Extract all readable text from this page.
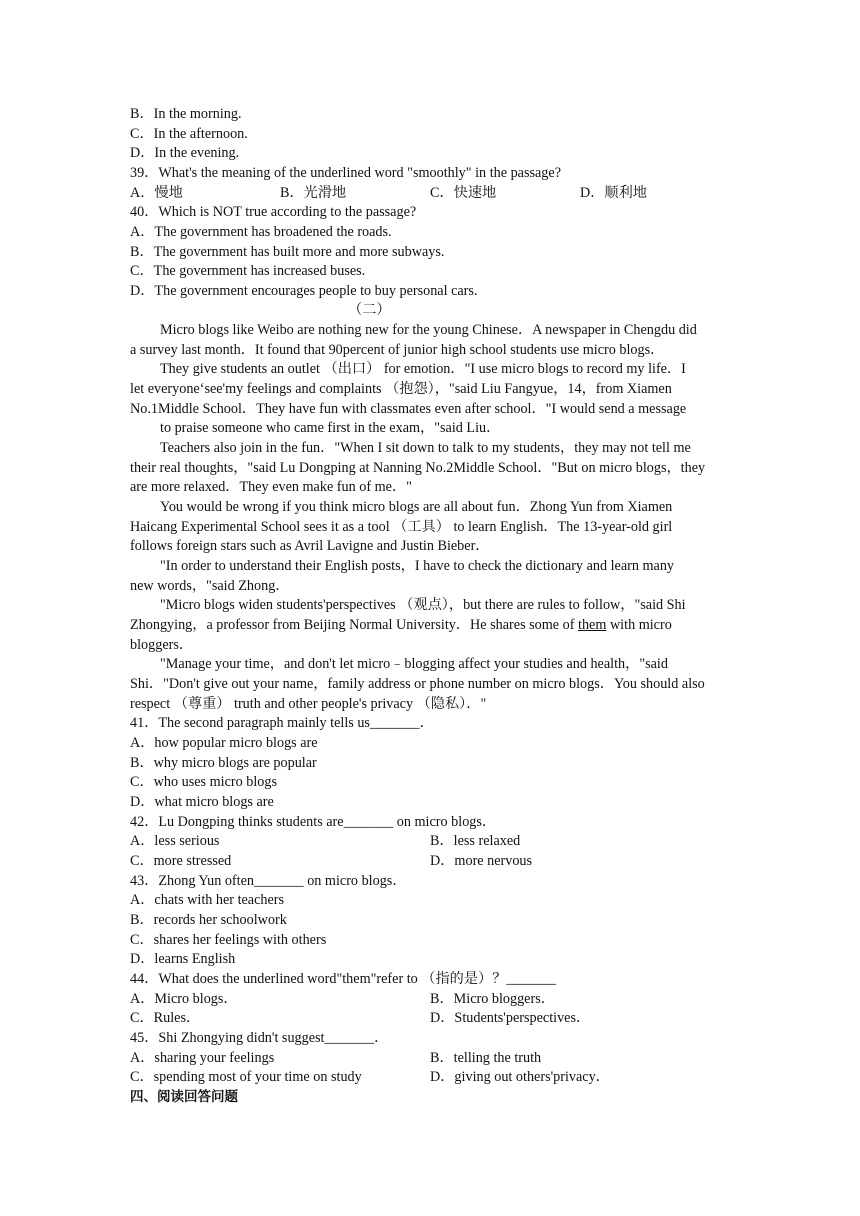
B．In the morning.
C．In the afternoon.
D．In the evening.
39．What's the meaning of the underlined word "smoothly" in the passage?
A．慢地	B．光滑地	C．快速地	D．顺利地
40．Which is NOT true according to the passage?
A．The government has broadened the roads.
B．The government has built more and more subways.
C．The government has increased buses.
D．The government encourages people to buy personal cars.
（二）
Micro blogs like Weibo are nothing new for the young Chinese．A newspaper in Chengdu did
a survey last month．It found that 90percent of junior high school students use micro blogs．
They give students an outlet （出口） for emotion．"I use micro blogs to record my life．I
let everyone‘see'my feelings and complaints （抱怨），"said Liu Fangyue，14，from Xiamen
No.1Middle School．They have fun with classmates even after school．"I would send a message
to praise someone who came first in the exam，"said Liu．
Teachers also join in the fun．"When I sit down to talk to my students，they may not tell me
their real thoughts，"said Lu Dongping at Nanning No.2Middle School．"But on micro blogs，they
are more relaxed．They even make fun of me．"
You would be wrong if you think micro blogs are all about fun．Zhong Yun from Xiamen
Haicang Experimental School sees it as a tool （工具） to learn English．The 13-year-old girl
follows foreign stars such as Avril Lavigne and Justin Bieber．
"In order to understand their English posts，I have to check the dictionary and learn many
new words，"said Zhong．
"Micro blogs widen students'perspectives （观点），but there are rules to follow，"said Shi
Zhongying，a professor from Beijing Normal University．He shares some of them with micro
bloggers．
"Manage your time，and don't let micro﹣blogging affect your studies and health，"said
Shi．"Don't give out your name，family address or phone number on micro blogs．You should also
respect （尊重） truth and other people's privacy （隐私）．"
41．The second paragraph mainly tells us_______．
A．how popular micro blogs are
B．why micro blogs are popular
C．who uses micro blogs
D．what micro blogs are
42．Lu Dongping thinks students are_______ on micro blogs．
A．less serious	B．less relaxed
C．more stressed	D．more nervous
43．Zhong Yun often_______ on micro blogs．
A．chats with her teachers
B．records her schoolwork
C．shares her feelings with others
D．learns English
44．What does the underlined word"them"refer to （指的是）？_______
A．Micro blogs．	B．Micro bloggers．
C．Rules．	D．Students'perspectives．
45．Shi Zhongying didn't suggest_______．
A．sharing your feelings	B．telling the truth
C．spending most of your time on study	D．giving out others'privacy．
四、阅读回答问题
